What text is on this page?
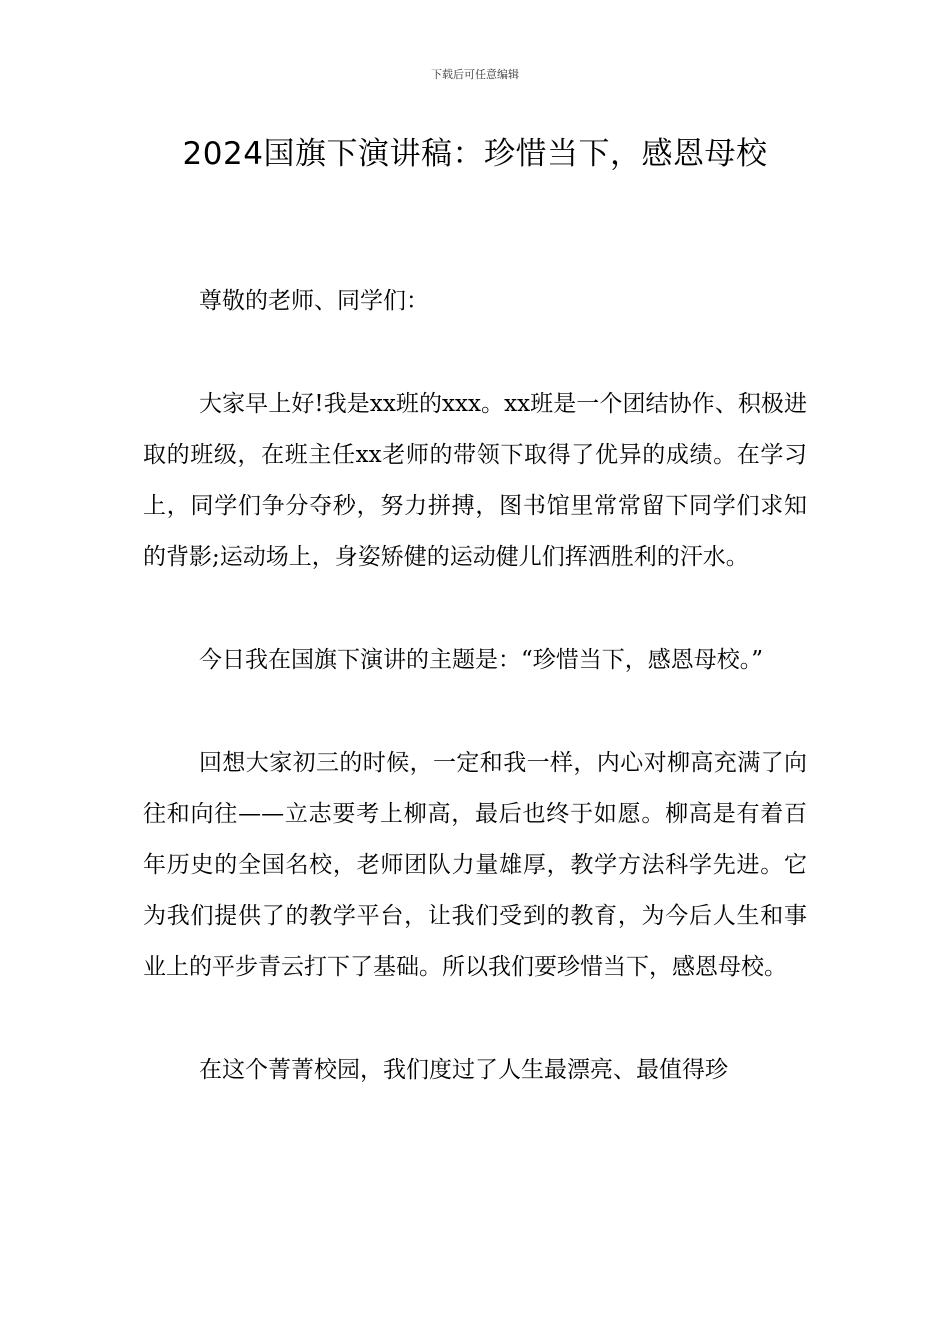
下载后可任意编辑
2024国旗下演讲稿：珍惜当下，感恩母校

尊敬的老师、同学们：

大家早上好!我是xx班的xxx。xx班是一个团结协作、积极进取的班级，在班主任xx老师的带领下取得了优异的成绩。在学习上，同学们争分夺秒，努力拼搏，图书馆里常常留下同学们求知的背影;运动场上，身姿矫健的运动健儿们挥洒胜利的汗水。

今日我在国旗下演讲的主题是：“珍惜当下，感恩母校。”

回想大家初三的时候，一定和我一样，内心对柳高充满了向往和向往——立志要考上柳高，最后也终于如愿。柳高是有着百年历史的全国名校，老师团队力量雄厚，教学方法科学先进。它为我们提供了的教学平台，让我们受到的教育，为今后人生和事业上的平步青云打下了基础。所以我们要珍惜当下，感恩母校。

在这个菁菁校园，我们度过了人生最漂亮、最值得珍
